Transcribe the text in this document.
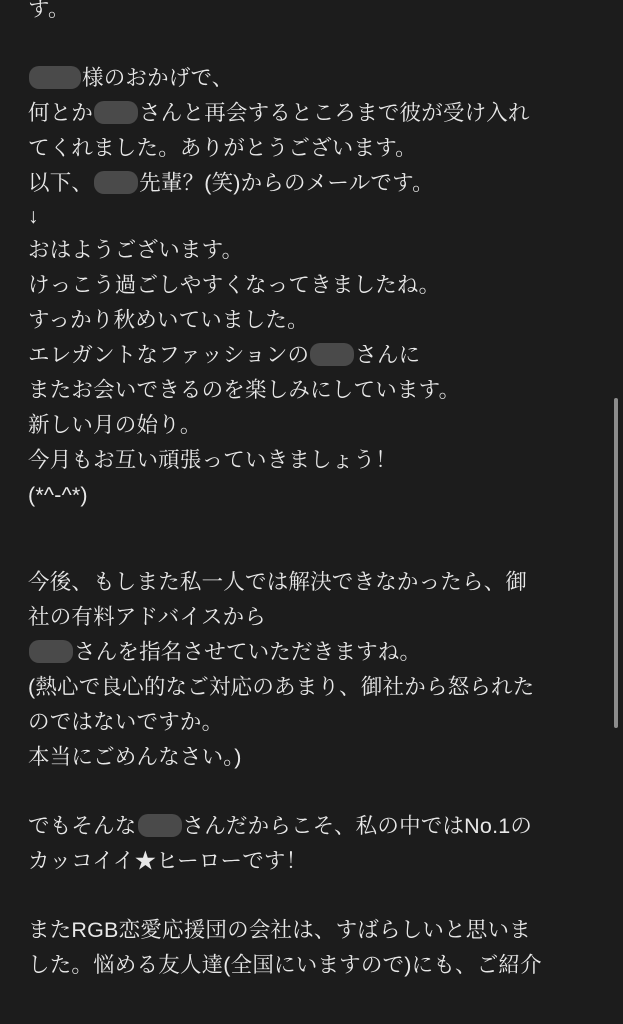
す。
様のおかげで、
何とか さんと再会するところまで彼が受け入れ
てくれました。ありがとうございます。
以下、 先輩？(笑)からのメールです。
↓
おはようございます。
けっこう過ごしやすくなってきましたね。
すっかり秋めいていました。
エレガントなファッションの さんに
またお会いできるのを楽しみにしています。
新しい月の始り。
今月もお互い頑張っていきましょう！
(*^‐^*)
今後、もしまた私一人では解決できなかったら、御
社の有料アドバイスから
さんを指名させていただきますね。
(熱心で良心的なご対応のあまり、御社から怒られた
のではないですか。
本当にごめんなさい。)
でもそんな さんだからこそ、私の中ではNo.1の
カッコイイ★ヒーローです！
またRGB恋愛応援団の会社は、すばらしいと思いま
した。悩める友人達(全国にいますので)にも、ご紹介
